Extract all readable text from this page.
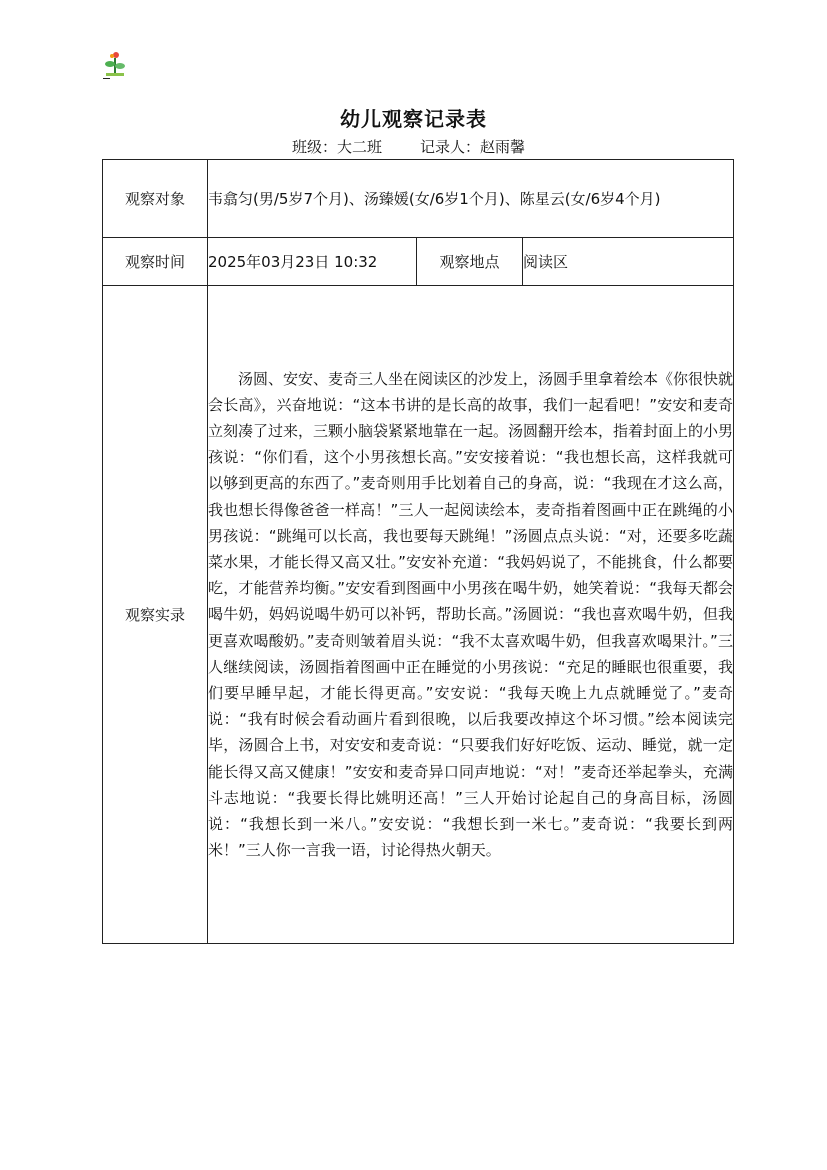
幼儿观察记录表
班级：大二班	记录人：赵雨馨
观察对象	韦翕匀(男/5岁7个月)、汤臻媛(女/6岁1个月)、陈星云(女/6岁4个月)		
观察时间	2025年03月23日 10:32	观察地点	阅读区
观察实录	汤圆、安安、麦奇三人坐在阅读区的沙发上，汤圆手里拿着绘本《你很快就会长高》，兴奋地说：“这本书讲的是长高的故事，我们一起看吧！”安安和麦奇立刻凑了过来，三颗小脑袋紧紧地靠在一起。汤圆翻开绘本，指着封面上的小男孩说：“你们看，这个小男孩想长高。”安安接着说：“我也想长高，这样我就可以够到更高的东西了。”麦奇则用手比划着自己的身高，说：“我现在才这么高，我也想长得像爸爸一样高！”三人一起阅读绘本，麦奇指着图画中正在跳绳的小男孩说：“跳绳可以长高，我也要每天跳绳！”汤圆点点头说：“对，还要多吃蔬菜水果，才能长得又高又壮。”安安补充道：“我妈妈说了，不能挑食，什么都要吃，才能营养均衡。”安安看到图画中小男孩在喝牛奶，她笑着说：“我每天都会喝牛奶，妈妈说喝牛奶可以补钙，帮助长高。”汤圆说：“我也喜欢喝牛奶，但我更喜欢喝酸奶。”麦奇则皱着眉头说：“我不太喜欢喝牛奶，但我喜欢喝果汁。”三人继续阅读，汤圆指着图画中正在睡觉的小男孩说：“充足的睡眠也很重要，我们要早睡早起，才能长得更高。”安安说：“我每天晚上九点就睡觉了。”麦奇说：“我有时候会看动画片看到很晚，以后我要改掉这个坏习惯。”绘本阅读完毕，汤圆合上书，对安安和麦奇说：“只要我们好好吃饭、运动、睡觉，就一定能长得又高又健康！”安安和麦奇异口同声地说：“对！”麦奇还举起拳头，充满斗志地说：“我要长得比姚明还高！”三人开始讨论起自己的身高目标，汤圆说：“我想长到一米八。”安安说：“我想长到一米七。”麦奇说：“我要长到两米！”三人你一言我一语，讨论得热火朝天。		
